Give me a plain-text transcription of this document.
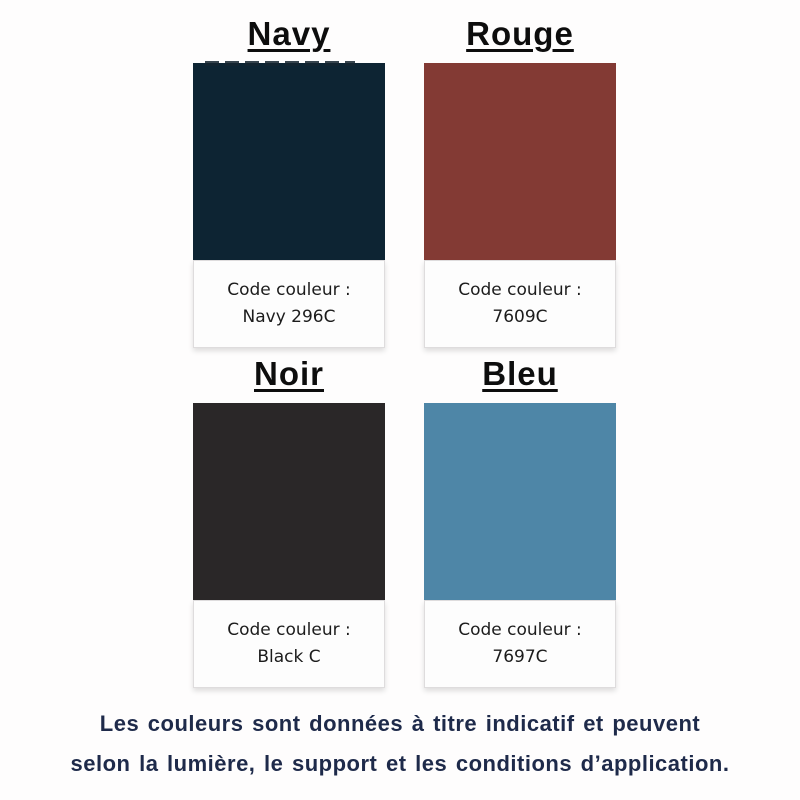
Navy
Code couleur :
Navy 296C
Rouge
Code couleur :
7609C
Noir
Code couleur :
Black C
Bleu
Code couleur :
7697C
Les couleurs sont données à titre indicatif et peuvent
selon la lumière, le support et les conditions d’application.
